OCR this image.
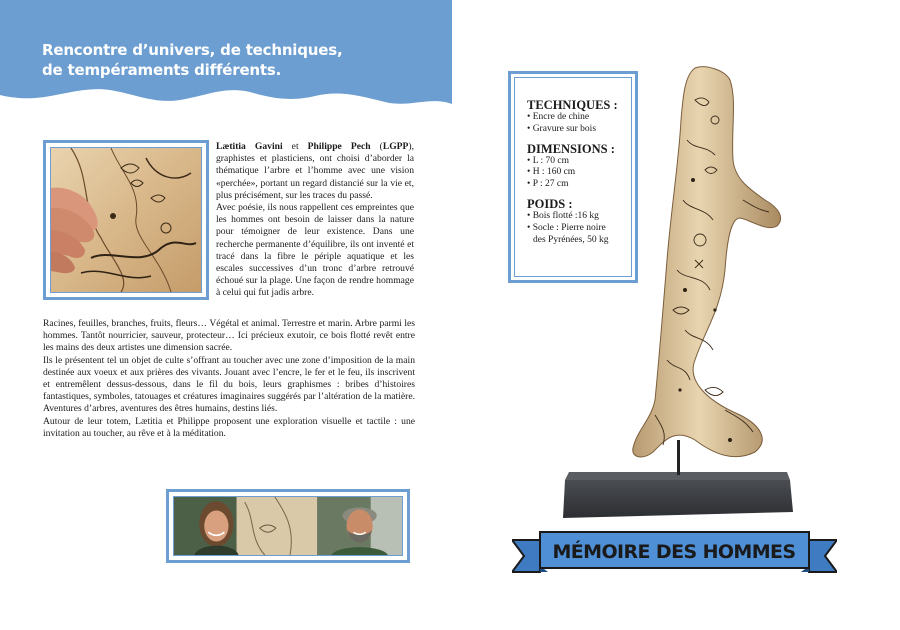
Rencontre d’univers, de techniques,
de tempéraments différents.
Lætitia Gavini et Philippe Pech (LGPP), graphistes et plasticiens, ont choisi d’aborder la thématique l’arbre et l’homme avec une vision «perchée», portant un regard distancié sur la vie et, plus précisément, sur les traces du passé.
Avec poésie, ils nous rappellent ces empreintes que les hommes ont besoin de laisser dans la nature pour témoigner de leur existence. Dans une recherche permanente d’équilibre, ils ont inventé et tracé dans la fibre le périple aquatique et les escales successives d’un tronc d’arbre retrouvé échoué sur la plage. Une façon de rendre hommage à celui qui fut jadis arbre.

Racines, feuilles, branches, fruits, fleurs… Végétal et animal. Terrestre et marin. Arbre parmi les hommes. Tantôt nourricier, sauveur, protecteur… Ici précieux exutoir, ce bois flotté revêt entre les mains des deux artistes une dimension sacrée.

Ils le présentent tel un objet de culte s’offrant au toucher avec une zone d’imposition de la main destinée aux voeux et aux prières des vivants. Jouant avec l’encre, le fer et le feu, ils inscrivent et entremêlent dessus-dessous, dans le fil du bois, leurs graphismes : bribes d’histoires fantastiques, symboles, tatouages et créatures imaginaires suggérés par l’altération de la matière. Aventures d’arbres, aventures des êtres humains, destins liés.

Autour de leur totem, Lætitia et Philippe proposent une exploration visuelle et tactile : une invitation au toucher, au rêve et à la méditation.

TECHNIQUES :
• Encre de chine
• Gravure sur bois
DIMENSIONS :
• L : 70 cm
• H : 160 cm
• P : 27 cm
POIDS :
• Bois flotté :16 kg
• Socle : Pierre noire
des Pyrénées, 50 kg
MÉMOIRE DES HOMMES
